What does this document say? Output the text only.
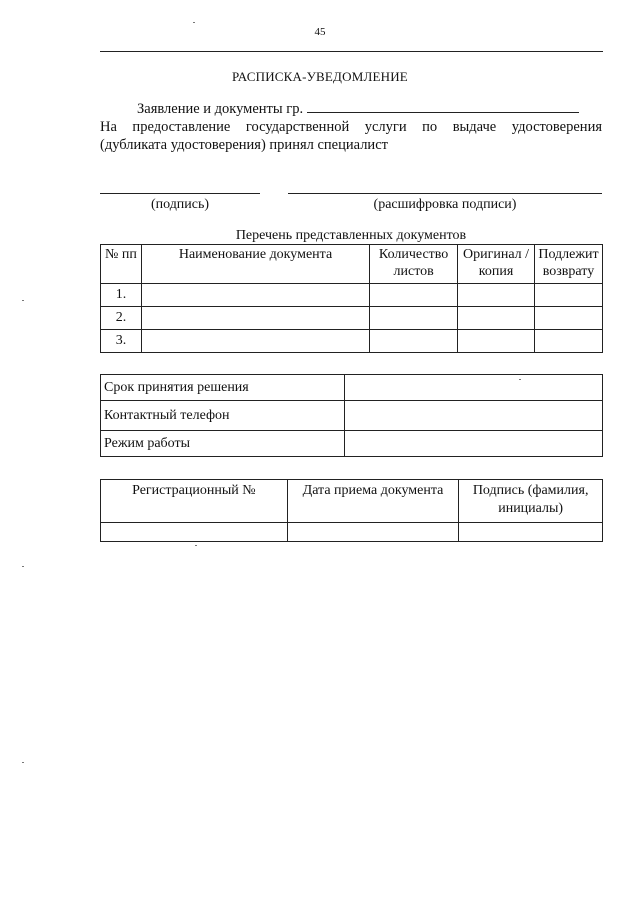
45
РАСПИСКА-УВЕДОМЛЕНИЕ
Заявление и документы гр.
На предоставление государственной услуги по выдаче удостоверения
(дубликата удостоверения) принял специалист
(подпись)	(расшифровка подписи)
Перечень представленных документов
№ пп	Наименование документа	Количество листов	Оригинал /копия	Подлежит возврату
1.				
2.				
3.				
Срок принятия решения	
Контактный телефон	
Режим работы	
Регистрационный №	Дата приема документа	Подпись (фамилия, инициалы)
